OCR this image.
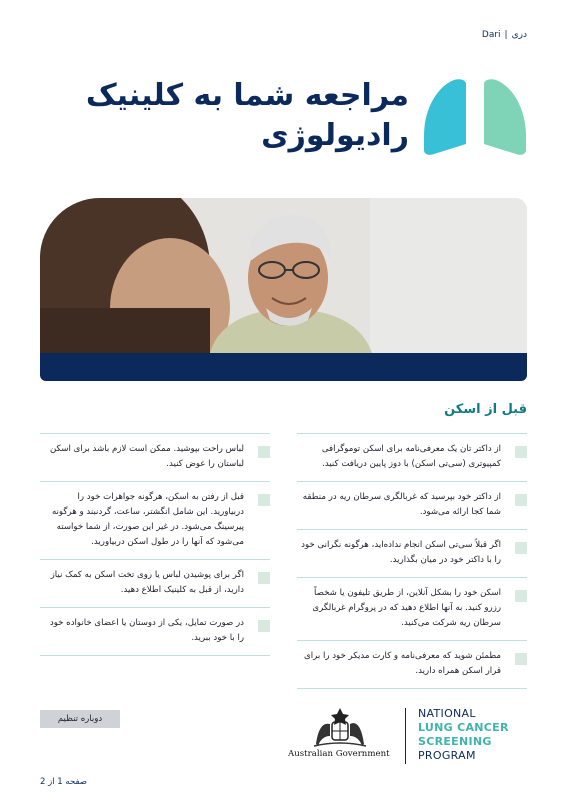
Dari | دری
مراجعه شما به کلینیک رادیولوژی
قبل از اسکن
از داکتر تان یک معرفی‌نامه برای اسکن توموگرافی کمپیوتری (سی‌تی اسکن) با دوز پایین دریافت کنید.
از داکتر خود بپرسید که غربالگری سرطان ریه در منطقه شما کجا ارائه می‌شود.
اگر قبلاً سی‌تی اسکن انجام نداده‌اید، هرگونه نگرانی خود را با داکتر خود در میان بگذارید.
اسکن خود را بشکل آنلاین، از طریق تلیفون یا شخصاً رزرو کنید. به آنها اطلاع دهید که در پروگرام غربالگری سرطان ریه شرکت می‌کنید.
مطمئن شوید که معرفی‌نامه و کارت مدیکر خود را برای قرار اسکن همراه دارید.
لباس راحت بپوشید. ممکن است لازم باشد برای اسکن لباستان را عوض کنید.
قبل از رفتن به اسکن، هرگونه جواهرات خود را دربیاورید. این شامل انگشتر، ساعت، گردنبند و هرگونه پیرسینگ می‌شود. در غیر این صورت، از شما خواسته می‌شود که آنها را در طول اسکن دربیاورید.
اگر برای پوشیدن لباس یا روی تخت اسکن به کمک نیاز دارید، از قبل به کلینیک اطلاع دهید.
در صورت تمایل، یکی از دوستان یا اعضای خانواده خود را با خود ببرید.
دوباره تنظیم
Australian Government
NATIONAL
LUNG CANCER
SCREENING
PROGRAM
صفحه 1 از 2
